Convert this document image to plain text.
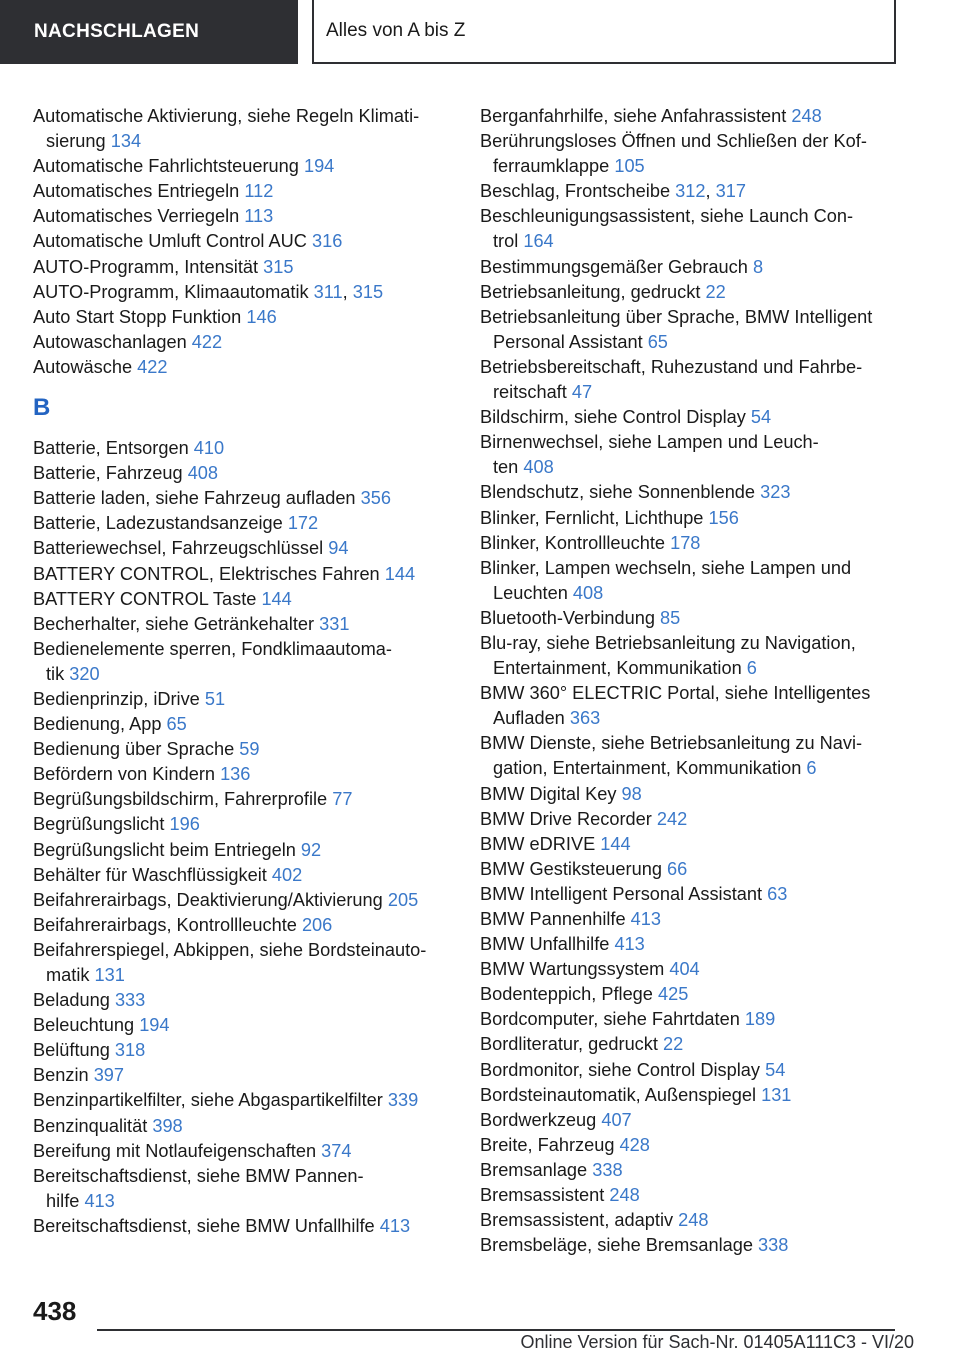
NACHSCHLAGEN	Alles von A bis Z
Automatische Aktivierung, siehe Regeln Klimati-
sierung 134
Automatische Fahrlichtsteuerung 194
Automatisches Entriegeln 112
Automatisches Verriegeln 113
Automatische Umluft Control AUC 316
AUTO-Programm, Intensität 315
AUTO-Programm, Klimaautomatik 311, 315
Auto Start Stopp Funktion 146
Autowaschanlagen 422
Autowäsche 422
B
Batterie, Entsorgen 410
Batterie, Fahrzeug 408
Batterie laden, siehe Fahrzeug aufladen 356
Batterie, Ladezustandsanzeige 172
Batteriewechsel, Fahrzeugschlüssel 94
BATTERY CONTROL, Elektrisches Fahren 144
BATTERY CONTROL Taste 144
Becherhalter, siehe Getränkehalter 331
Bedienelemente sperren, Fondklimaautoma-
tik 320
Bedienprinzip, iDrive 51
Bedienung, App 65
Bedienung über Sprache 59
Befördern von Kindern 136
Begrüßungsbildschirm, Fahrerprofile 77
Begrüßungslicht 196
Begrüßungslicht beim Entriegeln 92
Behälter für Waschflüssigkeit 402
Beifahrerairbags, Deaktivierung/Aktivierung 205
Beifahrerairbags, Kontrollleuchte 206
Beifahrerspiegel, Abkippen, siehe Bordsteinauto-
matik 131
Beladung 333
Beleuchtung 194
Belüftung 318
Benzin 397
Benzinpartikelfilter, siehe Abgaspartikelfilter 339
Benzinqualität 398
Bereifung mit Notlaufeigenschaften 374
Bereitschaftsdienst, siehe BMW Pannen-
hilfe 413
Bereitschaftsdienst, siehe BMW Unfallhilfe 413
Berganfahrhilfe, siehe Anfahrassistent 248
Berührungsloses Öffnen und Schließen der Kof-
ferraumklappe 105
Beschlag, Frontscheibe 312, 317
Beschleunigungsassistent, siehe Launch Con-
trol 164
Bestimmungsgemäßer Gebrauch 8
Betriebsanleitung, gedruckt 22
Betriebsanleitung über Sprache, BMW Intelligent
Personal Assistant 65
Betriebsbereitschaft, Ruhezustand und Fahrbe-
reitschaft 47
Bildschirm, siehe Control Display 54
Birnenwechsel, siehe Lampen und Leuch-
ten 408
Blendschutz, siehe Sonnenblende 323
Blinker, Fernlicht, Lichthupe 156
Blinker, Kontrollleuchte 178
Blinker, Lampen wechseln, siehe Lampen und
Leuchten 408
Bluetooth-Verbindung 85
Blu-ray, siehe Betriebsanleitung zu Navigation,
Entertainment, Kommunikation 6
BMW 360° ELECTRIC Portal, siehe Intelligentes
Aufladen 363
BMW Dienste, siehe Betriebsanleitung zu Navi-
gation, Entertainment, Kommunikation 6
BMW Digital Key 98
BMW Drive Recorder 242
BMW eDRIVE 144
BMW Gestiksteuerung 66
BMW Intelligent Personal Assistant 63
BMW Pannenhilfe 413
BMW Unfallhilfe 413
BMW Wartungssystem 404
Bodenteppich, Pflege 425
Bordcomputer, siehe Fahrtdaten 189
Bordliteratur, gedruckt 22
Bordmonitor, siehe Control Display 54
Bordsteinautomatik, Außenspiegel 131
Bordwerkzeug 407
Breite, Fahrzeug 428
Bremsanlage 338
Bremsassistent 248
Bremsassistent, adaptiv 248
Bremsbeläge, siehe Bremsanlage 338
438
Online Version für Sach-Nr. 01405A111C3 - VI/20
